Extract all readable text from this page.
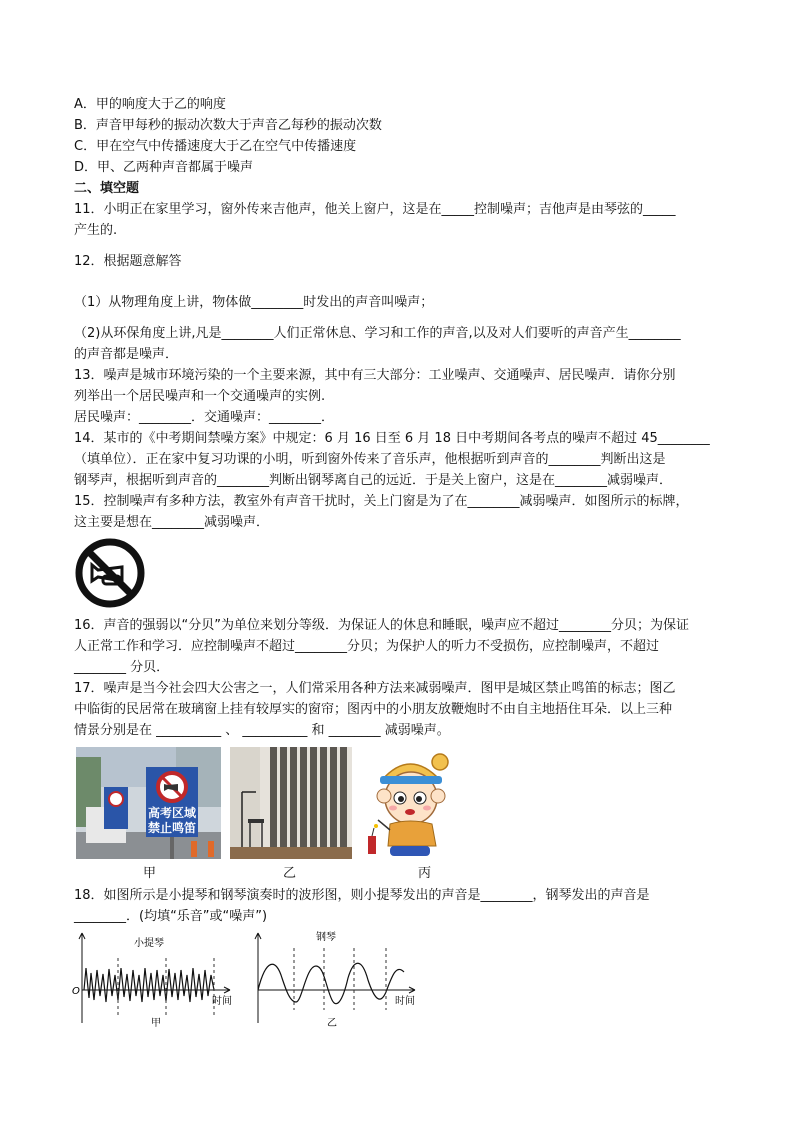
A．甲的响度大于乙的响度
B．声音甲每秒的振动次数大于声音乙每秒的振动次数
C．甲在空气中传播速度大于乙在空气中传播速度
D．甲、乙两种声音都属于噪声
二、填空题
11．小明正在家里学习，窗外传来吉他声，他关上窗户，这是在_____控制噪声；吉他声是由琴弦的_____
产生的.
12．根据题意解答
（1）从物理角度上讲，物体做________时发出的声音叫噪声；
（2)从环保角度上讲,凡是________人们正常休息、学习和工作的声音,以及对人们要听的声音产生________
的声音都是噪声．
13．噪声是城市环境污染的一个主要来源，其中有三大部分：工业噪声、交通噪声、居民噪声．请你分别
列举出一个居民噪声和一个交通噪声的实例.
居民噪声：________．交通噪声：________．
14．某市的《中考期间禁噪方案》中规定：6 月 16 日至 6 月 18 日中考期间各考点的噪声不超过 45________
（填单位）．正在家中复习功课的小明，听到窗外传来了音乐声，他根据听到声音的________判断出这是
钢琴声，根据听到声音的________判断出钢琴离自己的远近．于是关上窗户，这是在________减弱噪声．
15．控制噪声有多种方法，教室外有声音干扰时，关上门窗是为了在________减弱噪声．如图所示的标牌，
这主要是想在________减弱噪声．
16．声音的强弱以“分贝”为单位来划分等级．为保证人的休息和睡眠，噪声应不超过________分贝；为保证
人正常工作和学习．应控制噪声不超过________分贝；为保护人的听力不受损伤，应控制噪声，不超过
________ 分贝．
17．噪声是当今社会四大公害之一，人们常采用各种方法来减弱噪声．图甲是城区禁止鸣笛的标志；图乙
中临街的民居常在玻璃窗上挂有较厚实的窗帘；图丙中的小朋友放鞭炮时不由自主地捂住耳朵．以上三种
情景分别是在 __________ 、 __________ 和 ________ 减弱噪声。
高考区域
禁止鸣笛
甲	乙	丙
18．如图所示是小提琴和钢琴演奏时的波形图，则小提琴发出的声音是________，钢琴发出的声音是
________．(均填“乐音”或“噪声”)
小提琴
O
时间
甲
钢琴
时间
乙
